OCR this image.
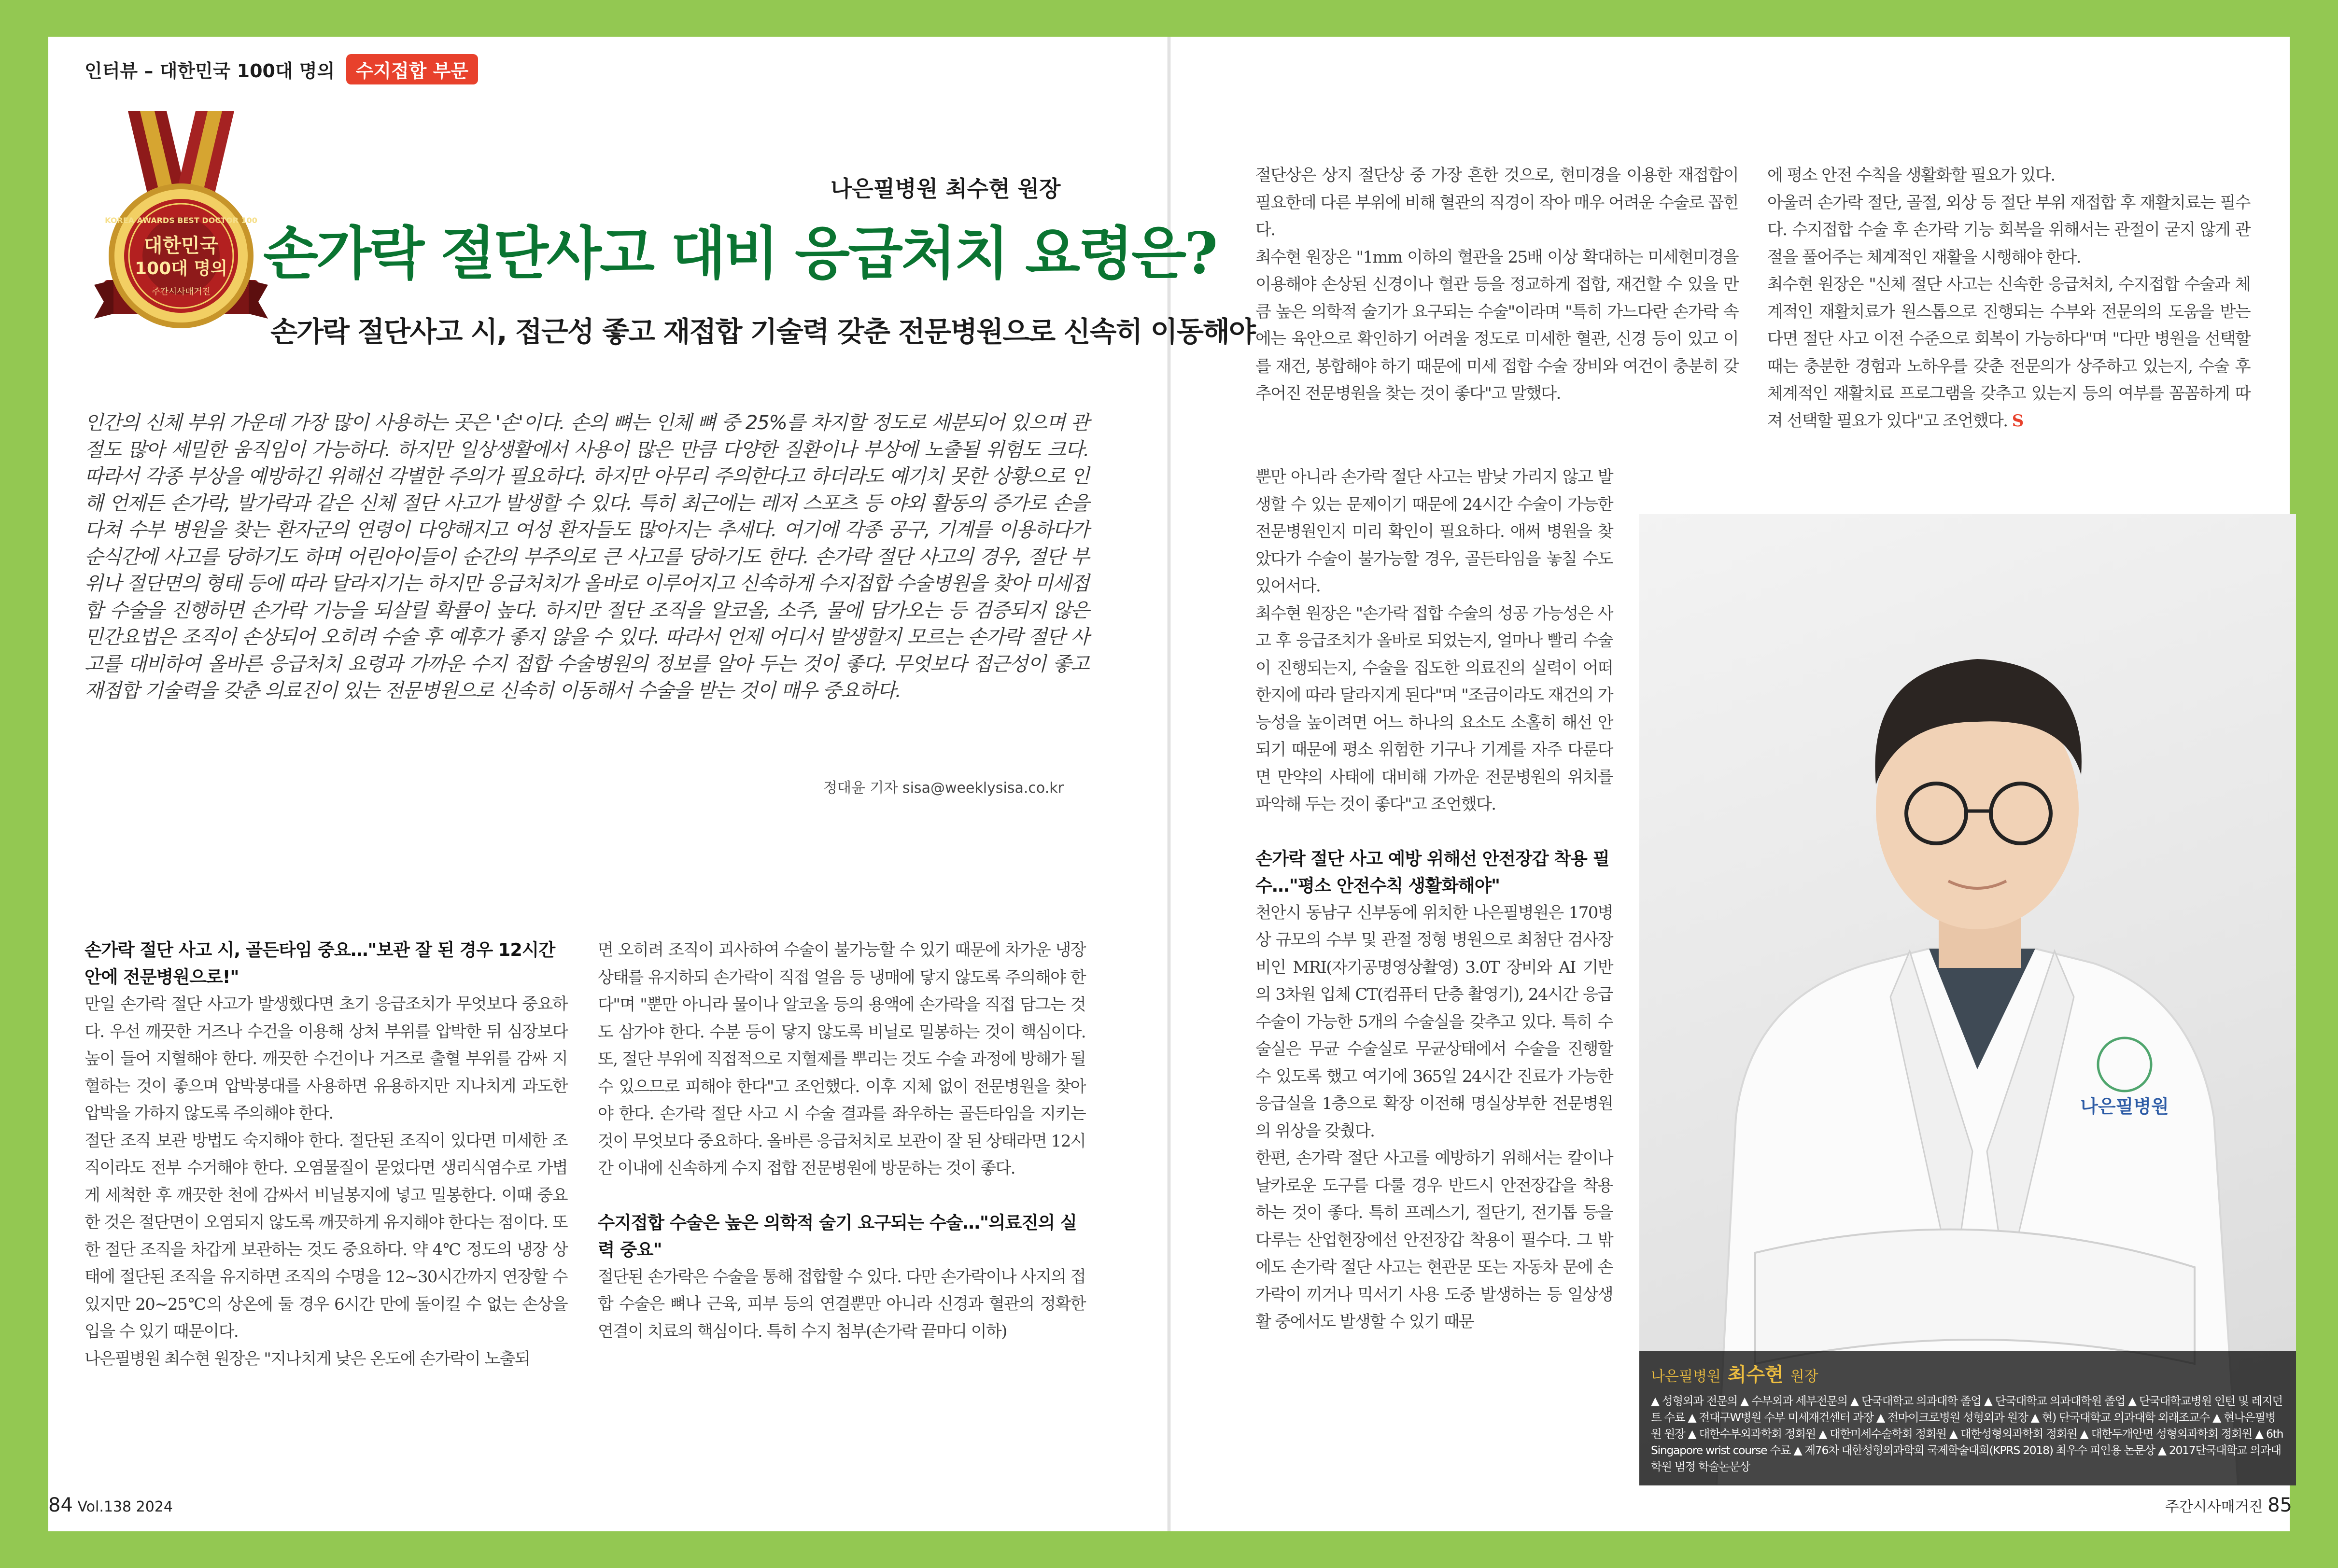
인터뷰 – 대한민국 100대 명의 수지접합 부문
KOREA AWARDS BEST DOCTOR 100
대한민국
100대 명의
주간시사매거진
나은필병원 최수현 원장
손가락 절단사고 대비 응급처치 요령은?
손가락 절단사고 시, 접근성 좋고 재접합 기술력 갖춘 전문병원으로 신속히 이동해야
인간의 신체 부위 가운데 가장 많이 사용하는 곳은 '손'이다. 손의 뼈는 인체 뼈 중 25%를 차지할 정도로 세분되어 있으며 관절도 많아 세밀한 움직임이 가능하다. 하지만 일상생활에서 사용이 많은 만큼 다양한 질환이나 부상에 노출될 위험도 크다. 따라서 각종 부상을 예방하긴 위해선 각별한 주의가 필요하다. 하지만 아무리 주의한다고 하더라도 예기치 못한 상황으로 인해 언제든 손가락, 발가락과 같은 신체 절단 사고가 발생할 수 있다. 특히 최근에는 레저 스포츠 등 야외 활동의 증가로 손을 다쳐 수부 병원을 찾는 환자군의 연령이 다양해지고 여성 환자들도 많아지는 추세다. 여기에 각종 공구, 기계를 이용하다가 순식간에 사고를 당하기도 하며 어린아이들이 순간의 부주의로 큰 사고를 당하기도 한다. 손가락 절단 사고의 경우, 절단 부위나 절단면의 형태 등에 따라 달라지기는 하지만 응급처치가 올바로 이루어지고 신속하게 수지접합 수술병원을 찾아 미세접합 수술을 진행하면 손가락 기능을 되살릴 확률이 높다. 하지만 절단 조직을 알코올, 소주, 물에 담가오는 등 검증되지 않은 민간요법은 조직이 손상되어 오히려 수술 후 예후가 좋지 않을 수 있다. 따라서 언제 어디서 발생할지 모르는 손가락 절단 사고를 대비하여 올바른 응급처치 요령과 가까운 수지 접합 수술병원의 정보를 알아 두는 것이 좋다. 무엇보다 접근성이 좋고 재접합 기술력을 갖춘 의료진이 있는 전문병원으로 신속히 이동해서 수술을 받는 것이 매우 중요하다.
정대윤 기자 sisa@weeklysisa.co.kr
손가락 절단 사고 시, 골든타임 중요…"보관 잘 된 경우 12시간 안에 전문병원으로!"

만일 손가락 절단 사고가 발생했다면 초기 응급조치가 무엇보다 중요하다. 우선 깨끗한 거즈나 수건을 이용해 상처 부위를 압박한 뒤 심장보다 높이 들어 지혈해야 한다. 깨끗한 수건이나 거즈로 출혈 부위를 감싸 지혈하는 것이 좋으며 압박붕대를 사용하면 유용하지만 지나치게 과도한 압박을 가하지 않도록 주의해야 한다.

절단 조직 보관 방법도 숙지해야 한다. 절단된 조직이 있다면 미세한 조직이라도 전부 수거해야 한다. 오염물질이 묻었다면 생리식염수로 가볍게 세척한 후 깨끗한 천에 감싸서 비닐봉지에 넣고 밀봉한다. 이때 중요한 것은 절단면이 오염되지 않도록 깨끗하게 유지해야 한다는 점이다. 또한 절단 조직을 차갑게 보관하는 것도 중요하다. 약 4℃ 정도의 냉장 상태에 절단된 조직을 유지하면 조직의 수명을 12~30시간까지 연장할 수 있지만 20~25℃의 상온에 둘 경우 6시간 만에 돌이킬 수 없는 손상을 입을 수 있기 때문이다.

나은필병원 최수현 원장은 "지나치게 낮은 온도에 손가락이 노출되

면 오히려 조직이 괴사하여 수술이 불가능할 수 있기 때문에 차가운 냉장 상태를 유지하되 손가락이 직접 얼음 등 냉매에 닿지 않도록 주의해야 한다"며 "뿐만 아니라 물이나 알코올 등의 용액에 손가락을 직접 담그는 것도 삼가야 한다. 수분 등이 닿지 않도록 비닐로 밀봉하는 것이 핵심이다. 또, 절단 부위에 직접적으로 지혈제를 뿌리는 것도 수술 과정에 방해가 될 수 있으므로 피해야 한다"고 조언했다. 이후 지체 없이 전문병원을 찾아야 한다. 손가락 절단 사고 시 수술 결과를 좌우하는 골든타임을 지키는 것이 무엇보다 중요하다. 올바른 응급처치로 보관이 잘 된 상태라면 12시간 이내에 신속하게 수지 접합 전문병원에 방문하는 것이 좋다.

수지접합 수술은 높은 의학적 술기 요구되는 수술…"의료진의 실력 중요"

절단된 손가락은 수술을 통해 접합할 수 있다. 다만 손가락이나 사지의 접합 수술은 뼈나 근육, 피부 등의 연결뿐만 아니라 신경과 혈관의 정확한 연결이 치료의 핵심이다. 특히 수지 첨부(손가락 끝마디 이하)

절단상은 상지 절단상 중 가장 흔한 것으로, 현미경을 이용한 재접합이 필요한데 다른 부위에 비해 혈관의 직경이 작아 매우 어려운 수술로 꼽힌다.

최수현 원장은 "1mm 이하의 혈관을 25배 이상 확대하는 미세현미경을 이용해야 손상된 신경이나 혈관 등을 정교하게 접합, 재건할 수 있을 만큼 높은 의학적 술기가 요구되는 수술"이라며 "특히 가느다란 손가락 속에는 육안으로 확인하기 어려울 정도로 미세한 혈관, 신경 등이 있고 이를 재건, 봉합해야 하기 때문에 미세 접합 수술 장비와 여건이 충분히 갖추어진 전문병원을 찾는 것이 좋다"고 말했다.

뿐만 아니라 손가락 절단 사고는 밤낮 가리지 않고 발생할 수 있는 문제이기 때문에 24시간 수술이 가능한 전문병원인지 미리 확인이 필요하다. 애써 병원을 찾았다가 수술이 불가능할 경우, 골든타임을 놓칠 수도 있어서다.

최수현 원장은 "손가락 접합 수술의 성공 가능성은 사고 후 응급조치가 올바로 되었는지, 얼마나 빨리 수술이 진행되는지, 수술을 집도한 의료진의 실력이 어떠한지에 따라 달라지게 된다"며 "조금이라도 재건의 가능성을 높이려면 어느 하나의 요소도 소홀히 해선 안되기 때문에 평소 위험한 기구나 기계를 자주 다룬다면 만약의 사태에 대비해 가까운 전문병원의 위치를 파악해 두는 것이 좋다"고 조언했다.

손가락 절단 사고 예방 위해선 안전장갑 착용 필수…"평소 안전수칙 생활화해야"

천안시 동남구 신부동에 위치한 나은필병원은 170병상 규모의 수부 및 관절 정형 병원으로 최첨단 검사장비인 MRI(자기공명영상촬영) 3.0T 장비와 AI 기반의 3차원 입체 CT(컴퓨터 단층 촬영기), 24시간 응급수술이 가능한 5개의 수술실을 갖추고 있다. 특히 수술실은 무균 수술실로 무균상태에서 수술을 진행할 수 있도록 했고 여기에 365일 24시간 진료가 가능한 응급실을 1층으로 확장 이전해 명실상부한 전문병원의 위상을 갖췄다.

한편, 손가락 절단 사고를 예방하기 위해서는 칼이나 날카로운 도구를 다룰 경우 반드시 안전장갑을 착용하는 것이 좋다. 특히 프레스기, 절단기, 전기톱 등을 다루는 산업현장에선 안전장갑 착용이 필수다. 그 밖에도 손가락 절단 사고는 현관문 또는 자동차 문에 손가락이 끼거나 믹서기 사용 도중 발생하는 등 일상생활 중에서도 발생할 수 있기 때문

에 평소 안전 수칙을 생활화할 필요가 있다.

아울러 손가락 절단, 골절, 외상 등 절단 부위 재접합 후 재활치료는 필수다. 수지접합 수술 후 손가락 기능 회복을 위해서는 관절이 굳지 않게 관절을 풀어주는 체계적인 재활을 시행해야 한다.

최수현 원장은 "신체 절단 사고는 신속한 응급처치, 수지접합 수술과 체계적인 재활치료가 원스톱으로 진행되는 수부와 전문의의 도움을 받는다면 절단 사고 이전 수준으로 회복이 가능하다"며 "다만 병원을 선택할 때는 충분한 경험과 노하우를 갖춘 전문의가 상주하고 있는지, 수술 후 체계적인 재활치료 프로그램을 갖추고 있는지 등의 여부를 꼼꼼하게 따져 선택할 필요가 있다"고 조언했다. S

나은필병원
나은필병원 최수현 원장
▲ 성형외과 전문의 ▲ 수부외과 세부전문의 ▲ 단국대학교 의과대학 졸업 ▲ 단국대학교 의과대학원 졸업 ▲ 단국대학교병원 인턴 및 레지던트 수료 ▲ 전대구W병원 수부 미세재건센터 과장 ▲ 전마이크로병원 성형외과 원장 ▲ 현) 단국대학교 의과대학 외래조교수 ▲ 현나은필병원 원장 ▲ 대한수부외과학회 정회원 ▲ 대한미세수술학회 정회원 ▲ 대한성형외과학회 정회원 ▲ 대한두개안면 성형외과학회 정회원 ▲ 6th Singapore wrist course 수료 ▲ 제76차 대한성형외과학회 국제학술대회(KPRS 2018) 최우수 피인용 논문상 ▲ 2017단국대학교 의과대학원 범정 학술논문상
84 Vol.138 2024	주간시사매거진 85
